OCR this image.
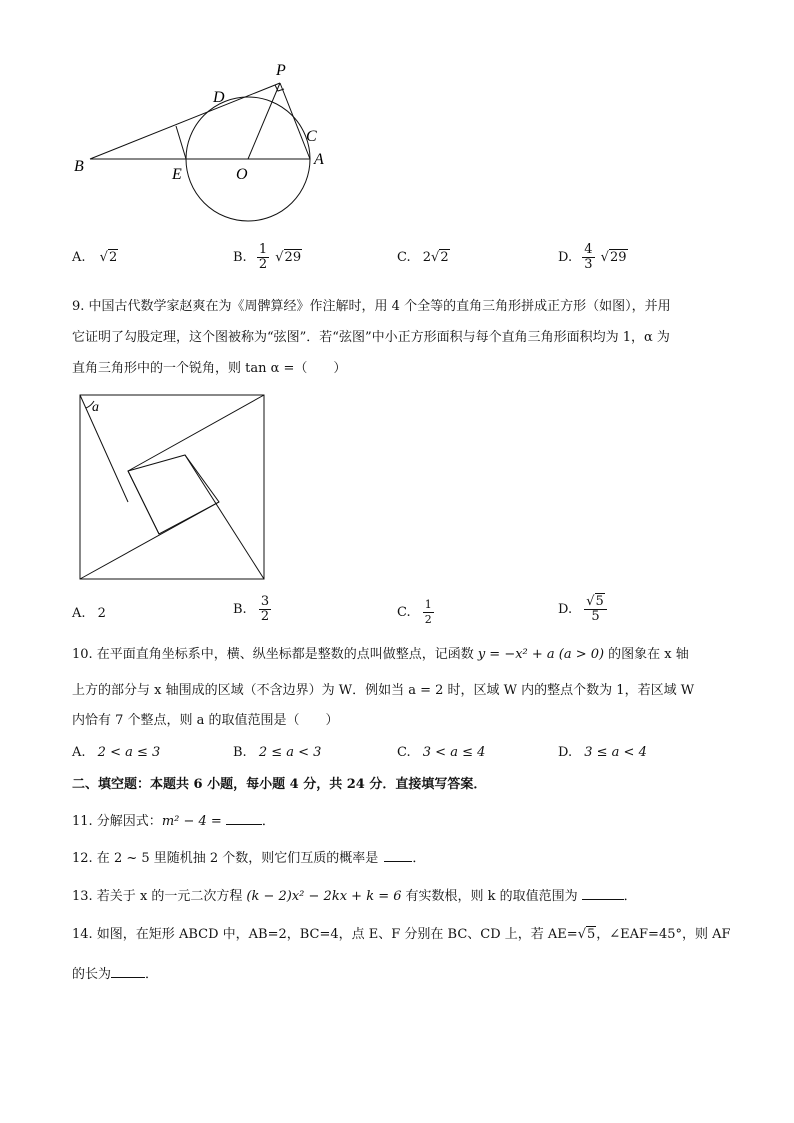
P
D
C
B	E	O
A
A. √2	B. $\frac{1}{2} √29$	C. 2√2	D. $\frac{4}{3} √29$
9. 中国古代数学家赵爽在为《周髀算经》作注解时，用 4 个全等的直角三角形拼成正方形（如图），并用
它证明了勾股定理，这个图被称为“弦图”．若“弦图”中小正方形面积与每个直角三角形面积均为 1，α 为
直角三角形中的一个锐角，则 tan α =（　　）
a
A. 2	B. $\frac{3}{2}$	C. $\frac{1}{2}$	D. $\frac{√5}{5}$
10. 在平面直角坐标系中，横、纵坐标都是整数的点叫做整点，记函数 y = −x² + a (a > 0) 的图象在 x 轴
上方的部分与 x 轴围成的区域（不含边界）为 W．例如当 a = 2 时，区域 W 内的整点个数为 1，若区域 W
内恰有 7 个整点，则 a 的取值范围是（　　）
A. 2 < a ≤ 3	B. 2 ≤ a < 3	C. 3 < a ≤ 4	D. 3 ≤ a < 4
二、填空题：本题共 6 小题，每小题 4 分，共 24 分．直接填写答案．
11. 分解因式：m² − 4 =	．
12. 在 2 ~ 5 里随机抽 2 个数，则它们互质的概率是	．
13. 若关于 x 的一元二次方程 (k − 2)x² − 2kx + k = 6 有实数根，则 k 的取值范围为	．
14. 如图，在矩形 ABCD 中，AB=2，BC=4，点 E、F 分别在 BC、CD 上，若 AE=√5，∠EAF=45°，则 AF
的长为	．
